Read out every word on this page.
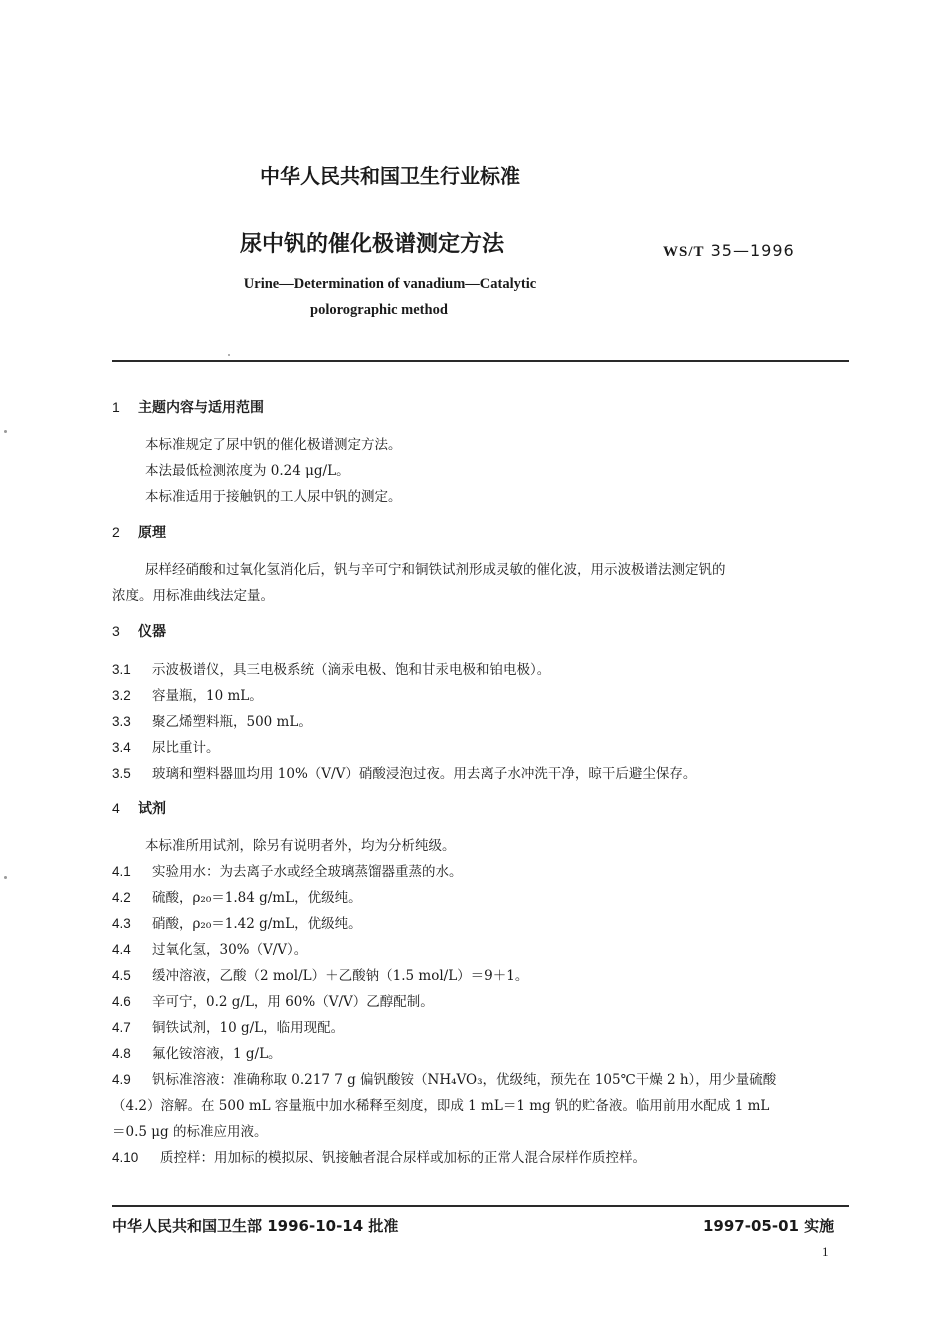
中华人民共和国卫生行业标准
尿中钒的催化极谱测定方法	WS/T 35—1996
Urine—Determination of vanadium—Catalytic
polorographic method
1 主题内容与适用范围
本标准规定了尿中钒的催化极谱测定方法。
本法最低检测浓度为 0.24 μg/L。
本标准适用于接触钒的工人尿中钒的测定。
2 原理
尿样经硝酸和过氧化氢消化后，钒与辛可宁和铜铁试剂形成灵敏的催化波，用示波极谱法测定钒的
浓度。用标准曲线法定量。
3 仪器
3.1 示波极谱仪，具三电极系统（滴汞电极、饱和甘汞电极和铂电极）。
3.2 容量瓶，10 mL。
3.3 聚乙烯塑料瓶，500 mL。
3.4 尿比重计。
3.5 玻璃和塑料器皿均用 10%（V/V）硝酸浸泡过夜。用去离子水冲洗干净，晾干后避尘保存。
4 试剂
本标准所用试剂，除另有说明者外，均为分析纯级。
4.1 实验用水：为去离子水或经全玻璃蒸馏器重蒸的水。
4.2 硫酸，ρ₂₀＝1.84 g/mL，优级纯。
4.3 硝酸，ρ₂₀＝1.42 g/mL，优级纯。
4.4 过氧化氢，30%（V/V）。
4.5 缓冲溶液，乙酸（2 mol/L）＋乙酸钠（1.5 mol/L）＝9＋1。
4.6 辛可宁，0.2 g/L，用 60%（V/V）乙醇配制。
4.7 铜铁试剂，10 g/L，临用现配。
4.8 氟化铵溶液，1 g/L。
4.9 钒标准溶液：准确称取 0.217 7 g 偏钒酸铵（NH₄VO₃，优级纯，预先在 105℃干燥 2 h），用少量硫酸
（4.2）溶解。在 500 mL 容量瓶中加水稀释至刻度，即成 1 mL＝1 mg 钒的贮备液。临用前用水配成 1 mL
＝0.5 μg 的标准应用液。
4.10 质控样：用加标的模拟尿、钒接触者混合尿样或加标的正常人混合尿样作质控样。
中华人民共和国卫生部 1996-10-14 批准	1997-05-01 实施
1
